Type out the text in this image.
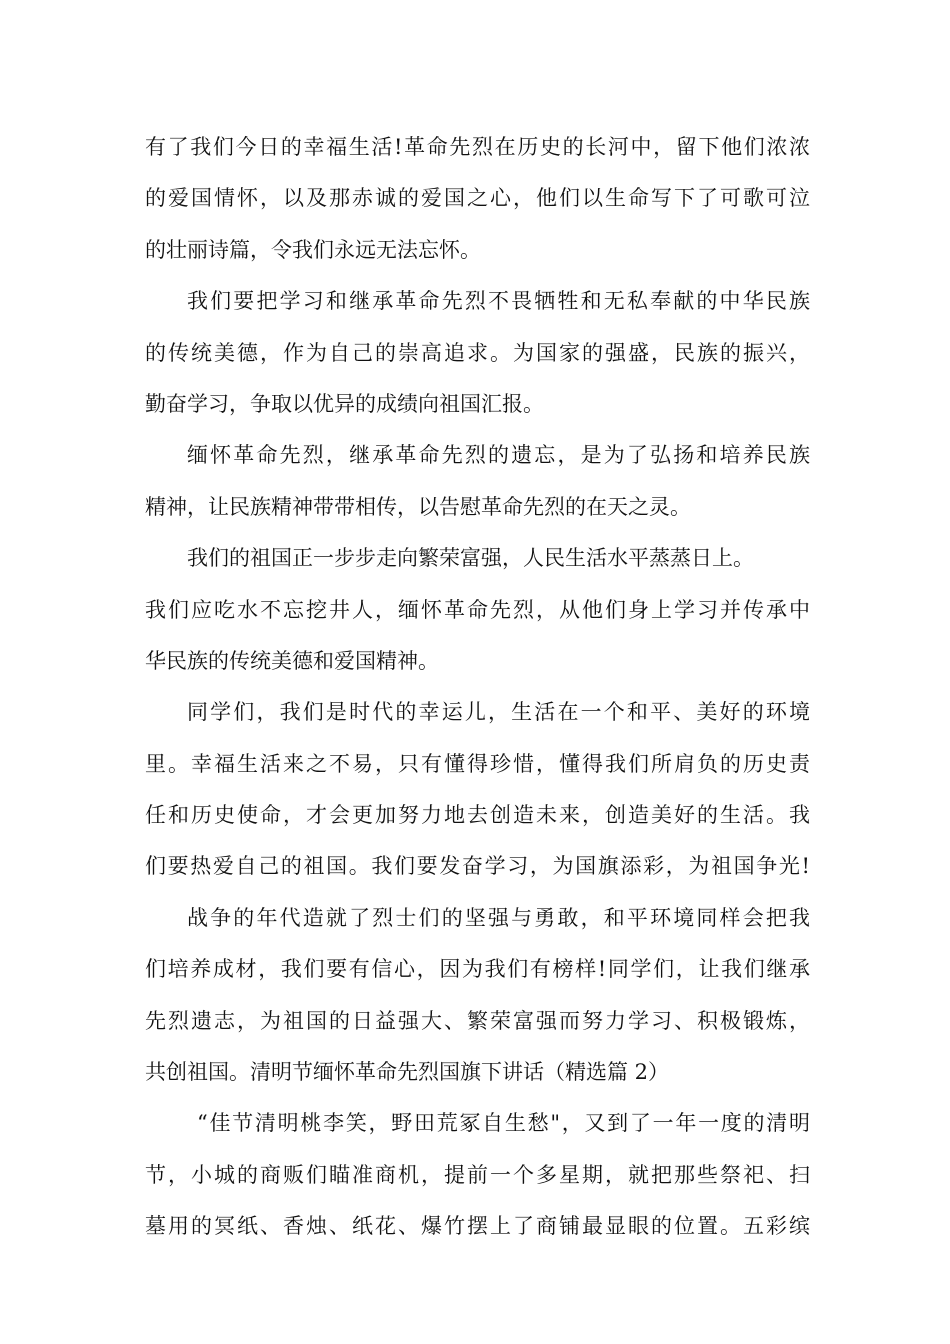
有了我们今日的幸福生活!革命先烈在历史的长河中，留下他们浓浓
的爱国情怀，以及那赤诚的爱国之心，他们以生命写下了可歌可泣
的壮丽诗篇，令我们永远无法忘怀。
我们要把学习和继承革命先烈不畏牺牲和无私奉献的中华民族
的传统美德，作为自己的崇高追求。为国家的强盛，民族的振兴，
勤奋学习，争取以优异的成绩向祖国汇报。
缅怀革命先烈，继承革命先烈的遗忘，是为了弘扬和培养民族
精神，让民族精神带带相传，以告慰革命先烈的在天之灵。
我们的祖国正一步步走向繁荣富强，人民生活水平蒸蒸日上。
我们应吃水不忘挖井人，缅怀革命先烈，从他们身上学习并传承中
华民族的传统美德和爱国精神。
同学们，我们是时代的幸运儿，生活在一个和平、美好的环境
里。幸福生活来之不易，只有懂得珍惜，懂得我们所肩负的历史责
任和历史使命，才会更加努力地去创造未来，创造美好的生活。我
们要热爱自己的祖国。我们要发奋学习，为国旗添彩，为祖国争光!
战争的年代造就了烈士们的坚强与勇敢，和平环境同样会把我
们培养成材，我们要有信心，因为我们有榜样!同学们，让我们继承
先烈遗志，为祖国的日益强大、繁荣富强而努力学习、积极锻炼，
共创祖国。清明节缅怀革命先烈国旗下讲话（精选篇 2）
“佳节清明桃李笑，野田荒冢自生愁"，又到了一年一度的清明
节，小城的商贩们瞄准商机，提前一个多星期，就把那些祭祀、扫
墓用的冥纸、香烛、纸花、爆竹摆上了商铺最显眼的位置。五彩缤
